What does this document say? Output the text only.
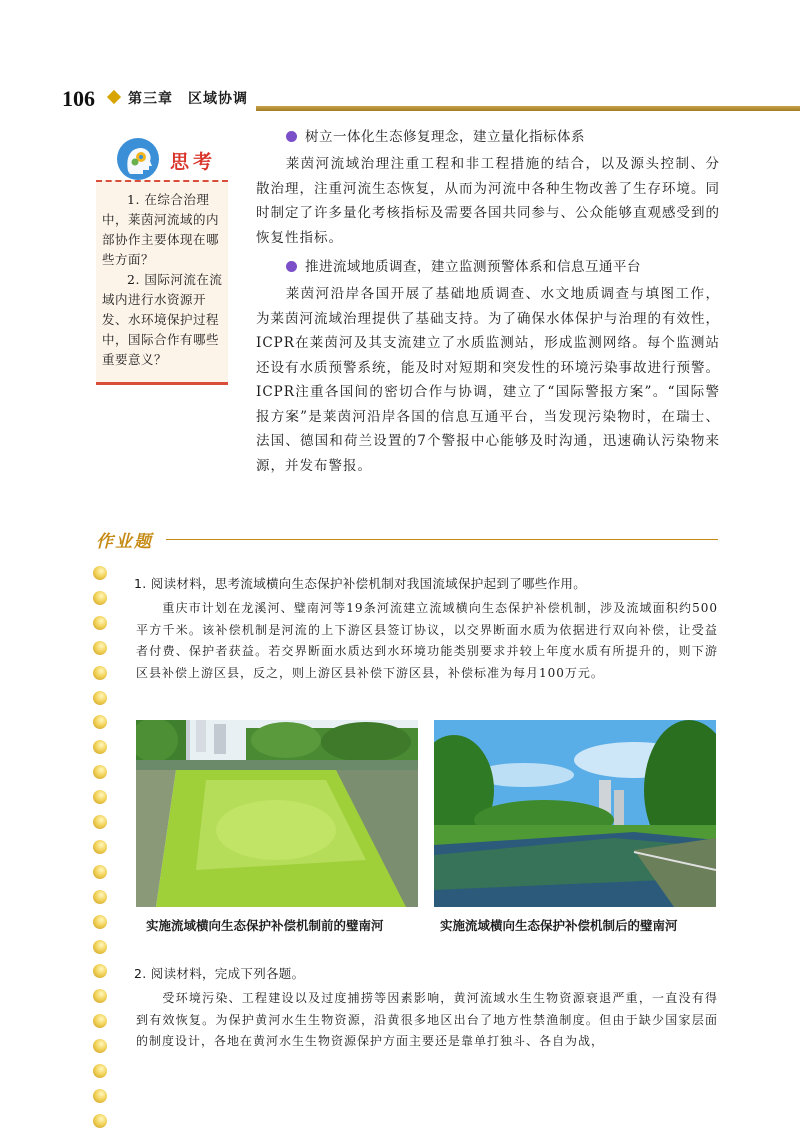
106 第三章　区域协调
思考

1. 在综合治理中，莱茵河流域的内部协作主要体现在哪些方面？

2. 国际河流在流域内进行水资源开发、水环境保护过程中，国际合作有哪些重要意义？

树立一体化生态修复理念，建立量化指标体系

莱茵河流域治理注重工程和非工程措施的结合，以及源头控制、分散治理，注重河流生态恢复，从而为河流中各种生物改善了生存环境。同时制定了许多量化考核指标及需要各国共同参与、公众能够直观感受到的恢复性指标。

推进流域地质调查，建立监测预警体系和信息互通平台

莱茵河沿岸各国开展了基础地质调查、水文地质调查与填图工作，为莱茵河流域治理提供了基础支持。为了确保水体保护与治理的有效性，ICPR在莱茵河及其支流建立了水质监测站，形成监测网络。每个监测站还设有水质预警系统，能及时对短期和突发性的环境污染事故进行预警。ICPR注重各国间的密切合作与协调，建立了“国际警报方案”。“国际警报方案”是莱茵河沿岸各国的信息互通平台，当发现污染物时，在瑞士、法国、德国和荷兰设置的7个警报中心能够及时沟通，迅速确认污染物来源，并发布警报。

作业题
1. 阅读材料，思考流域横向生态保护补偿机制对我国流域保护起到了哪些作用。

重庆市计划在龙溪河、璧南河等19条河流建立流域横向生态保护补偿机制，涉及流域面积约500平方千米。该补偿机制是河流的上下游区县签订协议，以交界断面水质为依据进行双向补偿，让受益者付费、保护者获益。若交界断面水质达到水环境功能类别要求并较上年度水质有所提升的，则下游区县补偿上游区县，反之，则上游区县补偿下游区县，补偿标准为每月100万元。

实施流域横向生态保护补偿机制前的璧南河	实施流域横向生态保护补偿机制后的璧南河
2. 阅读材料，完成下列各题。

受环境污染、工程建设以及过度捕捞等因素影响，黄河流域水生生物资源衰退严重，一直没有得到有效恢复。为保护黄河水生生物资源，沿黄很多地区出台了地方性禁渔制度。但由于缺少国家层面的制度设计，各地在黄河水生生物资源保护方面主要还是靠单打独斗、各自为战，
